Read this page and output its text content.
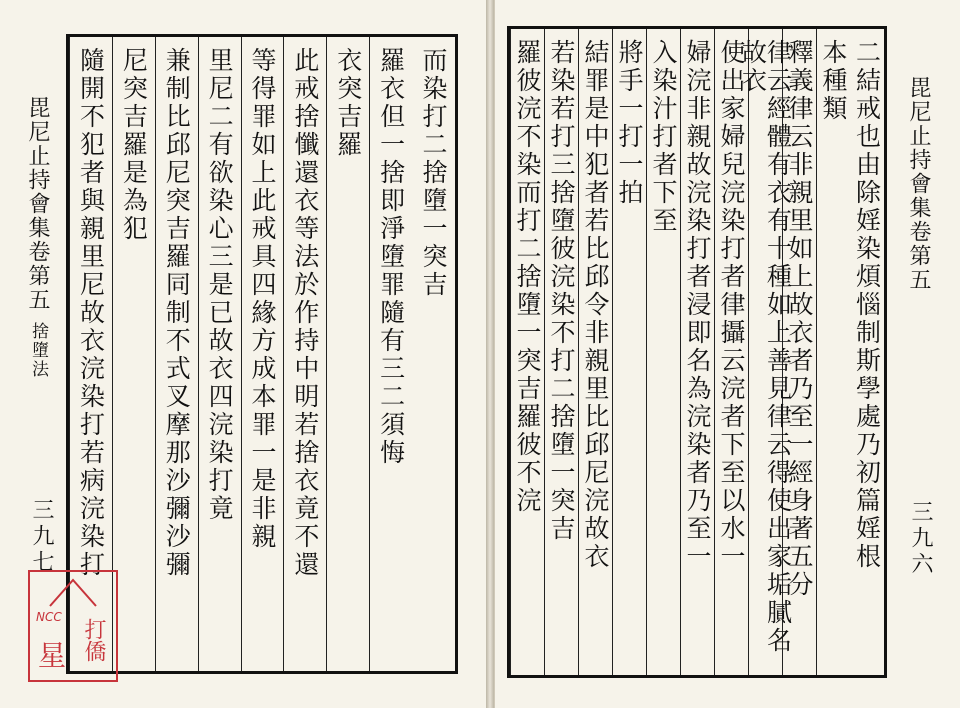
毘尼止持會集卷第五
捨墮法
三九七
而染打二捨墮一突吉
羅衣但一捨即淨墮罪隨有三二須悔
衣突吉羅
此戒捨懺還衣等法於作持中明若捨衣竟不還
等得罪如上此戒具四緣方成本罪一是非親
里尼二有欲染心三是已故衣四浣染打竟
兼制比邱尼突吉羅同制不式叉摩那沙彌沙彌
尼突吉羅是為犯
隨開不犯者與親里尼故衣浣染打若病浣染打
NCC
打僑
星
毘尼止持會集卷第五
三九六
二結戒也由除婬染煩惱制斯學處乃初篇婬根
本種類
釋義律云非親里如上故衣者乃至一經身著五分
律云經體有衣有十種如上善見律云得使出家垢膩名故衣
使出家婦兒浣染打者律攝云浣者下至以水一
婦浣非親故浣染打者浸即名為浣染者乃至一
入染汁打者下至
將手一打一拍
結罪是中犯者若比邱令非親里比邱尼浣故衣
若染若打三捨墮彼浣染不打二捨墮一突吉
羅彼浣不染而打二捨墮一突吉羅彼不浣
